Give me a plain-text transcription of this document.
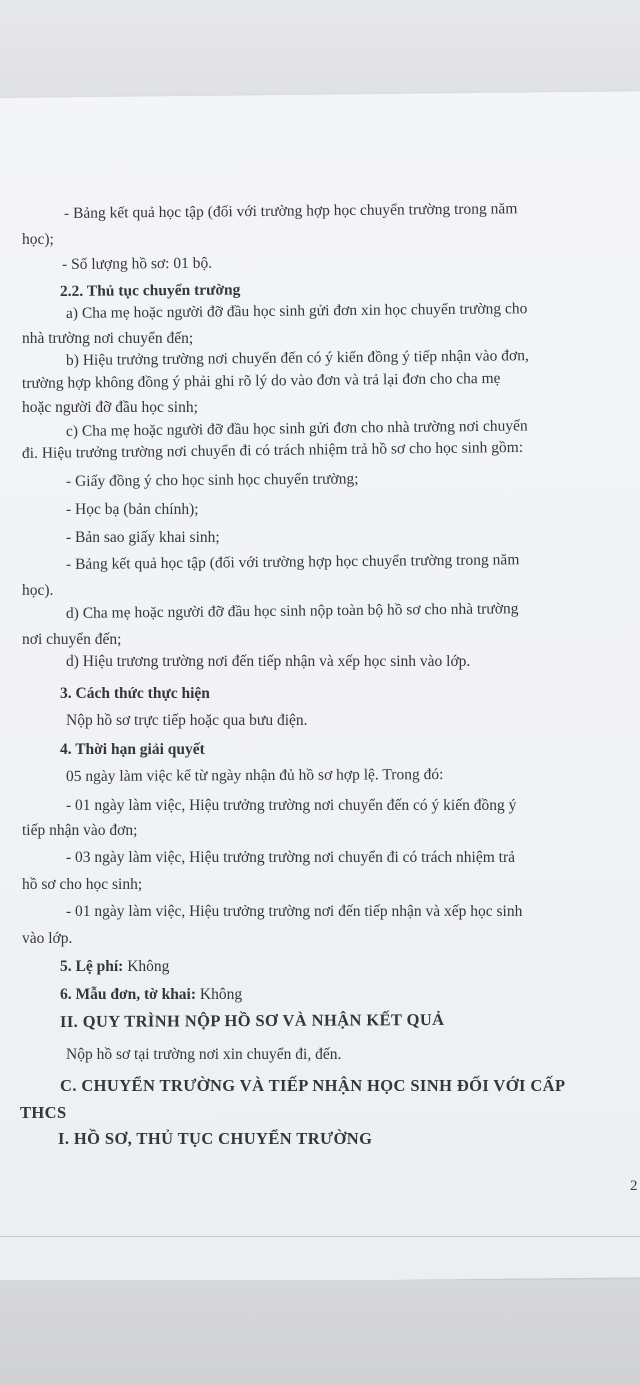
- Bảng kết quả học tập (đối với trường hợp học chuyển trường trong năm
học);
- Số lượng hồ sơ: 01 bộ.
2.2. Thủ tục chuyển trường
a) Cha mẹ hoặc người đỡ đầu học sinh gửi đơn xin học chuyển trường cho
nhà trường nơi chuyển đến;
b) Hiệu trưởng trường nơi chuyển đến có ý kiến đồng ý tiếp nhận vào đơn,
trường hợp không đồng ý phải ghi rõ lý do vào đơn và trả lại đơn cho cha mẹ
hoặc người đỡ đầu học sinh;
c) Cha mẹ hoặc người đỡ đầu học sinh gửi đơn cho nhà trường nơi chuyển
đi. Hiệu trưởng trường nơi chuyển đi có trách nhiệm trả hồ sơ cho học sinh gồm:
- Giấy đồng ý cho học sinh học chuyển trường;
- Học bạ (bản chính);
- Bản sao giấy khai sinh;
- Bảng kết quả học tập (đối với trường hợp học chuyển trường trong năm
học).
d) Cha mẹ hoặc người đỡ đầu học sinh nộp toàn bộ hồ sơ cho nhà trường
nơi chuyển đến;
d) Hiệu trương trường nơi đến tiếp nhận và xếp học sinh vào lớp.
3. Cách thức thực hiện
Nộp hồ sơ trực tiếp hoặc qua bưu điện.
4. Thời hạn giải quyết
05 ngày làm việc kể từ ngày nhận đủ hồ sơ hợp lệ. Trong đó:
- 01 ngày làm việc, Hiệu trưởng trường nơi chuyển đến có ý kiến đồng ý
tiếp nhận vào đơn;
- 03 ngày làm việc, Hiệu trưởng trường nơi chuyển đi có trách nhiệm trả
hồ sơ cho học sinh;
- 01 ngày làm việc, Hiệu trưởng trường nơi đến tiếp nhận và xếp học sinh
vào lớp.
5. Lệ phí: Không
6. Mẫu đơn, tờ khai: Không
II. QUY TRÌNH NỘP HỒ SƠ VÀ NHẬN KẾT QUẢ
Nộp hồ sơ tại trường nơi xin chuyển đi, đến.
C. CHUYỂN TRƯỜNG VÀ TIẾP NHẬN HỌC SINH ĐỐI VỚI CẤP
THCS
I. HỒ SƠ, THỦ TỤC CHUYỂN TRƯỜNG
2
